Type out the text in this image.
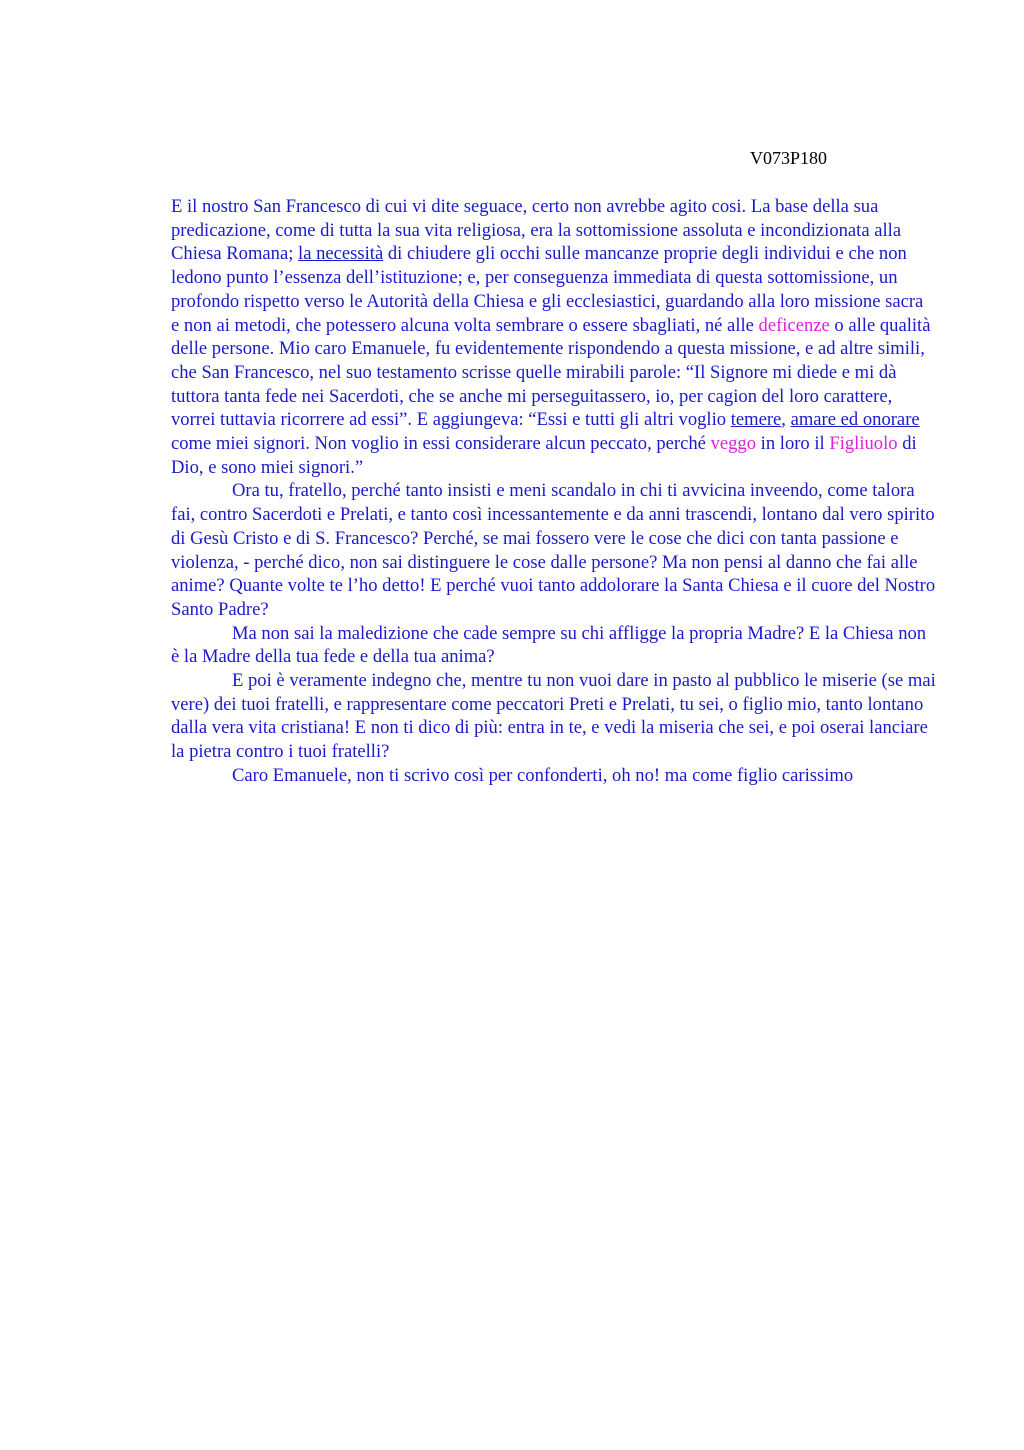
V073P180

E il nostro San Francesco di cui vi dite seguace, certo non avrebbe agito cosi. La base della sua predicazione, come di tutta la sua vita religiosa, era la sottomissione assoluta e incondizionata alla Chiesa Romana; la necessità di chiudere gli occhi sulle mancanze proprie degli individui e che non ledono punto l’essenza dell’istituzione; e, per conseguenza immediata di questa sottomissione, un profondo rispetto verso le Autorità della Chiesa e gli ecclesiastici, guardando alla loro missione sacra e non ai metodi, che potessero alcuna volta sembrare o essere sbagliati, né alle deficenze o alle qualità delle persone. Mio caro Emanuele, fu evidentemente rispondendo a questa missione, e ad altre simili, che San Francesco, nel suo testamento scrisse quelle mirabili parole: “Il Signore mi diede e mi dà tuttora tanta fede nei Sacerdoti, che se anche mi perseguitassero, io, per cagion del loro carattere, vorrei tuttavia ricorrere ad essi”. E aggiungeva: “Essi e tutti gli altri voglio temere, amare ed onorare come miei signori. Non voglio in essi considerare alcun peccato, perché veggo in loro il Figliuolo di Dio, e sono miei signori.”

Ora tu, fratello, perché tanto insisti e meni scandalo in chi ti avvicina inveendo, come talora fai, contro Sacerdoti e Prelati, e tanto così incessantemente e da anni trascendi, lontano dal vero spirito di Gesù Cristo e di S. Francesco? Perché, se mai fossero vere le cose che dici con tanta passione e violenza, - perché dico, non sai distinguere le cose dalle persone? Ma non pensi al danno che fai alle anime? Quante volte te l’ho detto! E perché vuoi tanto addolorare la Santa Chiesa e il cuore del Nostro Santo Padre?

Ma non sai la maledizione che cade sempre su chi affligge la propria Madre? E la Chiesa non è la Madre della tua fede e della tua anima?

E poi è veramente indegno che, mentre tu non vuoi dare in pasto al pubblico le miserie (se mai vere) dei tuoi fratelli, e rappresentare come peccatori Preti e Prelati, tu sei, o figlio mio, tanto lontano dalla vera vita cristiana! E non ti dico di più: entra in te, e vedi la miseria che sei, e poi oserai lanciare la pietra contro i tuoi fratelli?

Caro Emanuele, non ti scrivo così per confonderti, oh no! ma come figlio carissimo
